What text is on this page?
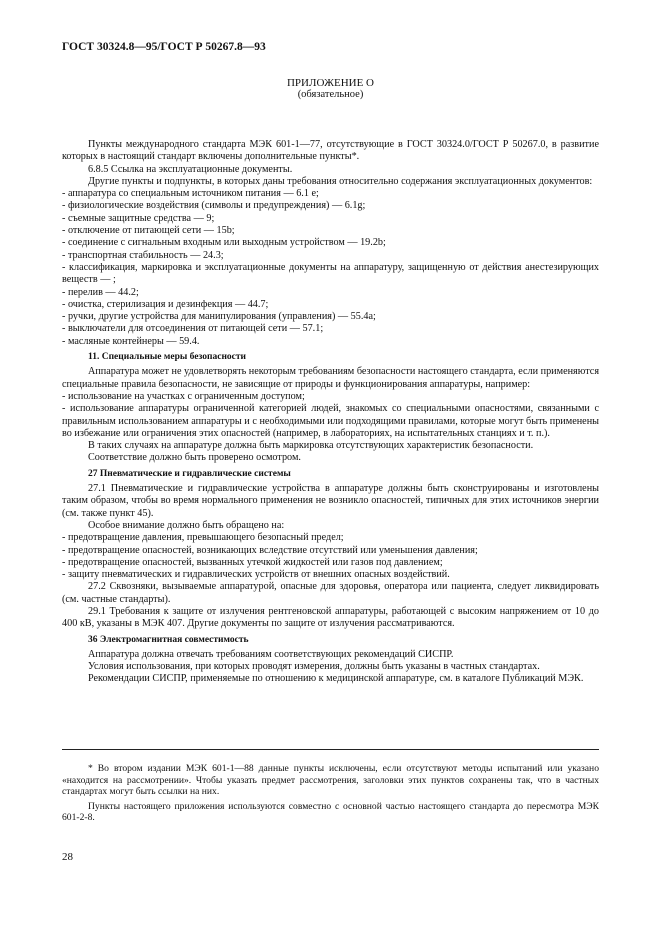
ГОСТ 30324.8—95/ГОСТ Р 50267.8—93
ПРИЛОЖЕНИЕ О
(обязательное)

Пункты международного стандарта МЭК 601-1—77, отсутствующие в ГОСТ 30324.0/ГОСТ Р 50267.0, в развитие которых в настоящий стандарт включены дополнительные пункты*.

6.8.5 Ссылка на эксплуатационные документы.

Другие пункты и подпункты, в которых даны требования относительно содержания эксплуатационных документов:

- аппаратура со специальным источником питания — 6.1 e;

- физиологические воздействия (символы и предупреждения) — 6.1g;

- съемные защитные средства — 9;

- отключение от питающей сети — 15b;

- соединение с сигнальным входным или выходным устройством — 19.2b;

- транспортная стабильность — 24.3;

- классификация, маркировка и эксплуатационные документы на аппаратуру, защищенную от действия анестезирующих веществ — ;

- перелив — 44.2;

- очистка, стерилизация и дезинфекция — 44.7;

- ручки, другие устройства для манипулирования (управления) — 55.4a;

- выключатели для отсоединения от питающей сети — 57.1;

- масляные контейнеры — 59.4.

11. Специальные меры безопасности

Аппаратура может не удовлетворять некоторым требованиям безопасности настоящего стандарта, если применяются специальные правила безопасности, не зависящие от природы и функционирования аппаратуры, например:

- использование на участках с ограниченным доступом;

- использование аппаратуры ограниченной категорией людей, знакомых со специальными опасностями, связанными с правильным использованием аппаратуры и с необходимыми или подходящими правилами, которые могут быть применены во избежание или ограничения этих опасностей (например, в лабораториях, на испытательных станциях и т. п.).

В таких случаях на аппаратуре должна быть маркировка отсутствующих характеристик безопасности.

Соответствие должно быть проверено осмотром.

27 Пневматические и гидравлические системы

27.1 Пневматические и гидравлические устройства в аппаратуре должны быть сконструированы и изготовлены таким образом, чтобы во время нормального применения не возникло опасностей, типичных для этих источников энергии (см. также пункт 45).

Особое внимание должно быть обращено на:

- предотвращение давления, превышающего безопасный предел;

- предотвращение опасностей, возникающих вследствие отсутствий или уменьшения давления;

- предотвращение опасностей, вызванных утечкой жидкостей или газов под давлением;

- защиту пневматических и гидравлических устройств от внешних опасных воздействий.

27.2 Сквозняки, вызываемые аппаратурой, опасные для здоровья, оператора или пациента, следует ликвидировать (см. частные стандарты).

29.1 Требования к защите от излучения рентгеновской аппаратуры, работающей с высоким напряжением от 10 до 400 кВ, указаны в МЭК 407. Другие документы по защите от излучения рассматриваются.

36 Электромагнитная совместимость

Аппаратура должна отвечать требованиям соответствующих рекомендаций СИСПР.

Условия использования, при которых проводят измерения, должны быть указаны в частных стандартах.

Рекомендации СИСПР, применяемые по отношению к медицинской аппаратуре, см. в каталоге Публикаций МЭК.

* Во втором издании МЭК 601-1—88 данные пункты исключены, если отсутствуют методы испытаний или указано «находится на рассмотрении». Чтобы указать предмет рассмотрения, заголовки этих пунктов сохранены так, что в частных стандартах могут быть ссылки на них.

Пункты настоящего приложения используются совместно с основной частью настоящего стандарта до пересмотра МЭК 601-2-8.

28
